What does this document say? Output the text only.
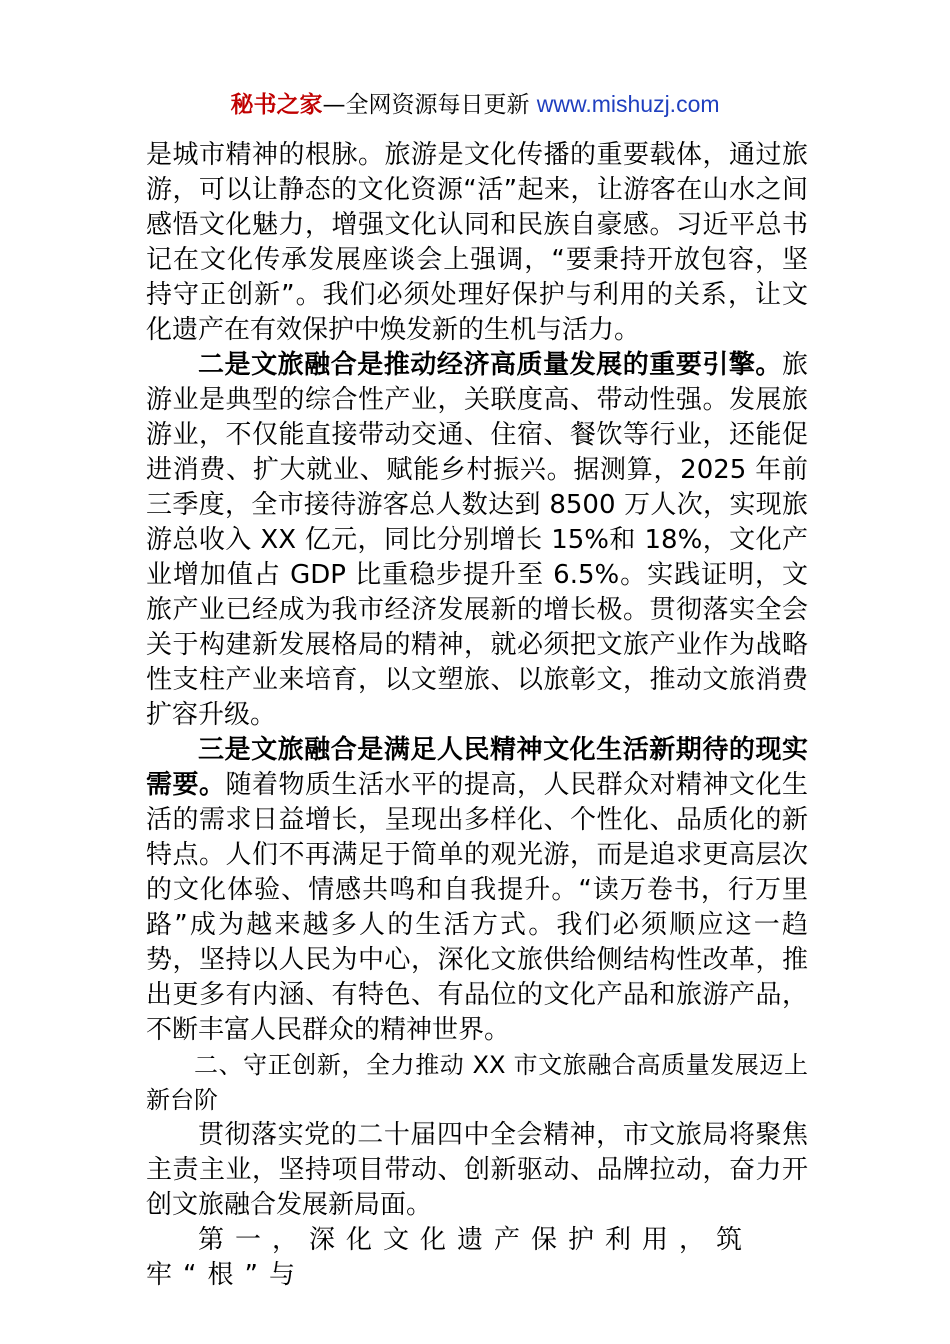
秘书之家—全网资源每日更新 www.mishuzj.com

是城市精神的根脉。旅游是文化传播的重要载体，通过旅游，可以让静态的文化资源“活”起来，让游客在山水之间感悟文化魅力，增强文化认同和民族自豪感。习近平总书记在文化传承发展座谈会上强调，“要秉持开放包容，坚持守正创新”。我们必须处理好保护与利用的关系，让文化遗产在有效保护中焕发新的生机与活力。

二是文旅融合是推动经济高质量发展的重要引擎。旅游业是典型的综合性产业，关联度高、带动性强。发展旅游业，不仅能直接带动交通、住宿、餐饮等行业，还能促进消费、扩大就业、赋能乡村振兴。据测算，2025 年前三季度，全市接待游客总人数达到 8500 万人次，实现旅游总收入 XX 亿元，同比分别增长 15%和 18%，文化产业增加值占 GDP 比重稳步提升至 6.5%。实践证明，文旅产业已经成为我市经济发展新的增长极。贯彻落实全会关于构建新发展格局的精神，就必须把文旅产业作为战略性支柱产业来培育，以文塑旅、以旅彰文，推动文旅消费扩容升级。

三是文旅融合是满足人民精神文化生活新期待的现实需要。随着物质生活水平的提高，人民群众对精神文化生活的需求日益增长，呈现出多样化、个性化、品质化的新特点。人们不再满足于简单的观光游，而是追求更高层次的文化体验、情感共鸣和自我提升。“读万卷书，行万里路”成为越来越多人的生活方式。我们必须顺应这一趋势，坚持以人民为中心，深化文旅供给侧结构性改革，推出更多有内涵、有特色、有品位的文化产品和旅游产品，不断丰富人民群众的精神世界。

二、守正创新，全力推动 XX 市文旅融合高质量发展迈上新台阶

贯彻落实党的二十届四中全会精神，市文旅局将聚焦主责主业，坚持项目带动、创新驱动、品牌拉动，奋力开创文旅融合发展新局面。

第一，深化文化遗产保护利用，筑牢“根”与
